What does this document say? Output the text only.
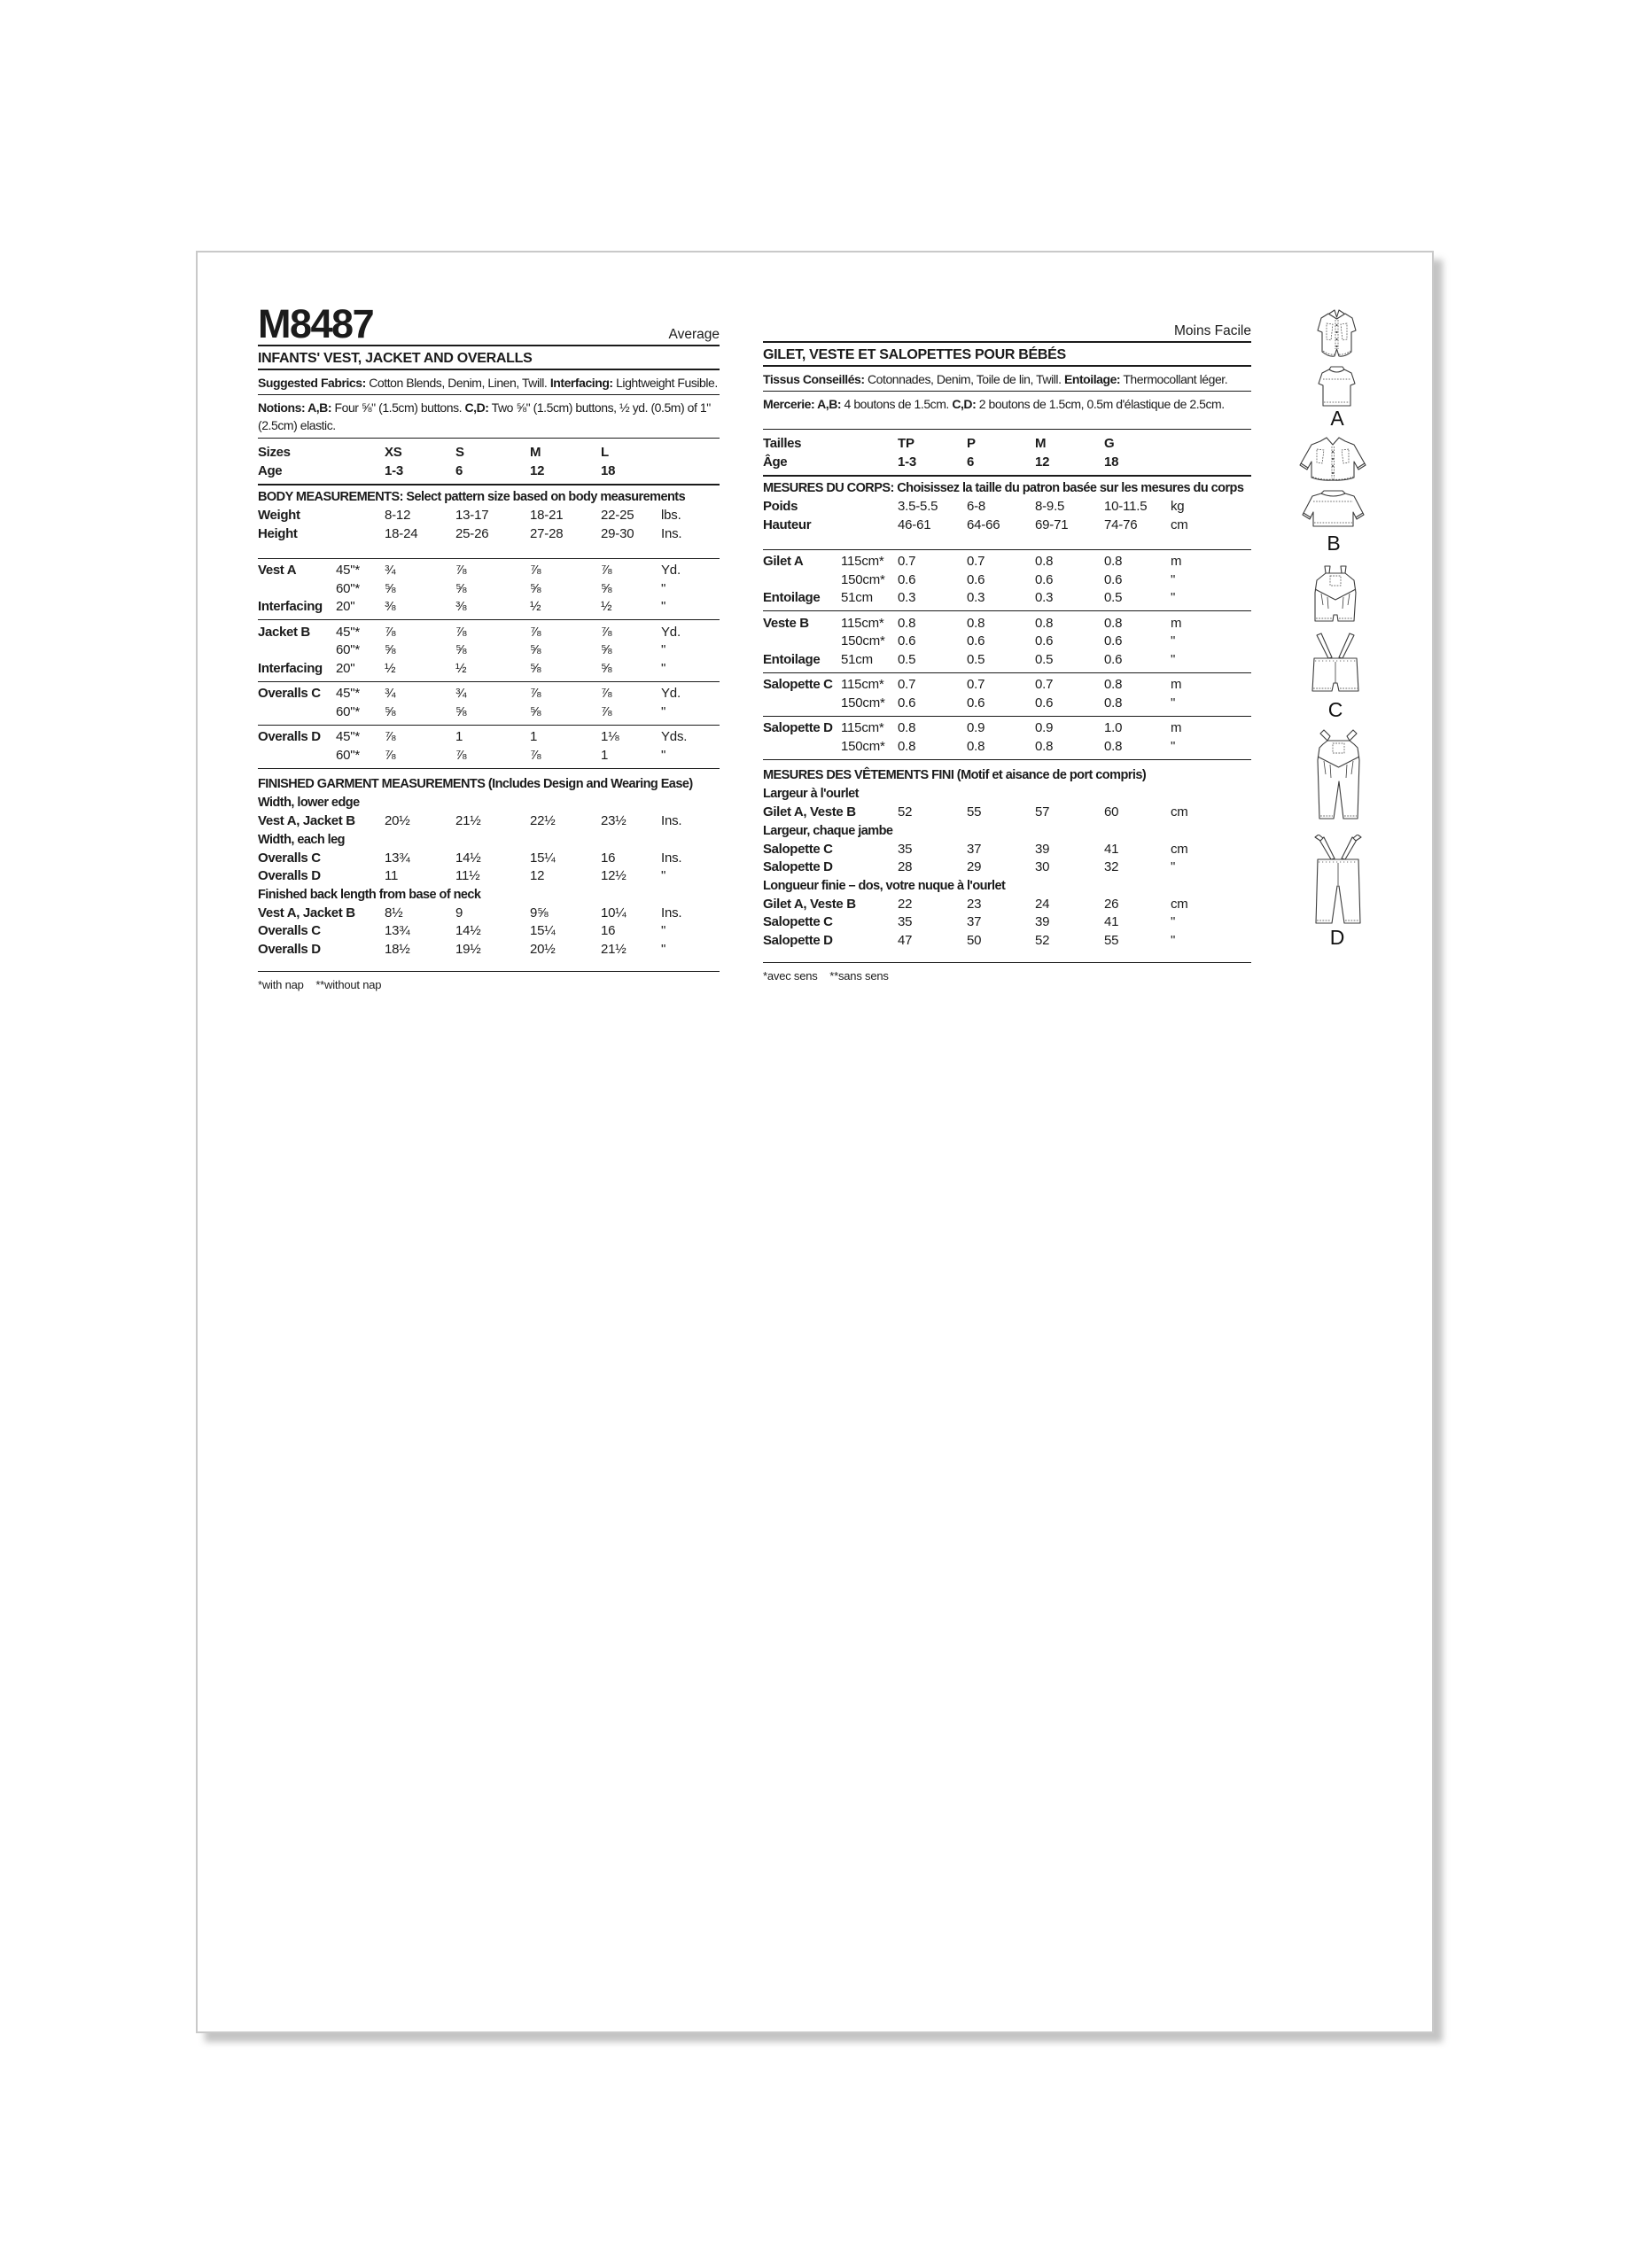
M8487	Average
INFANTS' VEST, JACKET AND OVERALLS
Suggested Fabrics: Cotton Blends, Denim, Linen, Twill. Interfacing: Lightweight Fusible.
Notions: A,B: Four ⅝" (1.5cm) buttons. C,D: Two ⅝" (1.5cm) buttons, ½ yd. (0.5m) of 1" (2.5cm) elastic.
Sizes	XS	S	M	L
Age	1-3	6	12	18
BODY MEASUREMENTS: Select pattern size based on body measurements
Weight	8-12	13-17	18-21	22-25	lbs.
Height	18-24	25-26	27-28	29-30	Ins.
Vest A	45"*	¾	⅞	⅞	⅞	Yd.
60"*	⅝	⅝	⅝	⅝	"
Interfacing	20"	⅜	⅜	½	½	"
Jacket B	45"*	⅞	⅞	⅞	⅞	Yd.
60"*	⅝	⅝	⅝	⅝	"
Interfacing	20"	½	½	⅝	⅝	"
Overalls C	45"*	¾	¾	⅞	⅞	Yd.
60"*	⅝	⅝	⅝	⅞	"
Overalls D	45"*	⅞	1	1	1⅛	Yds.
60"*	⅞	⅞	⅞	1	"
FINISHED GARMENT MEASUREMENTS (Includes Design and Wearing Ease)
Width, lower edge
Vest A, Jacket B 20½	21½	22½	23½	Ins.
Width, each leg
Overalls C	13¾	14½	15¼	16	Ins.
Overalls D	11	11½	12	12½	"
Finished back length from base of neck
Vest A, Jacket B 8½	9	9⅝	10¼	Ins.
Overalls C	13¾	14½	15¼	16	"
Overalls D	18½	19½	20½	21½	"
*with nap    **without nap
Moins Facile
GILET, VESTE ET SALOPETTES POUR BÉBÉS
Tissus Conseillés: Cotonnades, Denim, Toile de lin, Twill. Entoilage: Thermocollant léger.
Mercerie: A,B: 4 boutons de 1.5cm. C,D: 2 boutons de 1.5cm, 0.5m d'élastique de 2.5cm.
Tailles	TP	P	M	G
Âge	1-3	6	12	18
MESURES DU CORPS: Choisissez la taille du patron basée sur les mesures du corps
Poids	3.5-5.5	6-8	8-9.5	10-11.5	kg
Hauteur	46-61	64-66	69-71	74-76	cm
Gilet A	115cm*	0.7	0.7	0.8	0.8	m
150cm* 0.6	0.6	0.6	0.6	"
Entoilage	51cm	0.3	0.3	0.3	0.5	"
Veste B	115cm*	0.8	0.8	0.8	0.8	m
150cm* 0.6	0.6	0.6	0.6	"
Entoilage	51cm	0.5	0.5	0.5	0.6	"
Salopette C 115cm*	0.7	0.7	0.7	0.8	m
150cm* 0.6	0.6	0.6	0.8	"
Salopette D 115cm*	0.8	0.9	0.9	1.0	m
150cm* 0.8	0.8	0.8	0.8	"
MESURES DES VÊTEMENTS FINI (Motif et aisance de port compris)
Largeur à l'ourlet
Gilet A, Veste B	52	55	57	60	cm
Largeur, chaque jambe
Salopette C	35	37	39	41	cm
Salopette D	28	29	30	32	"
Longueur finie – dos, votre nuque à l'ourlet
Gilet A, Veste B	22	23	24	26	cm
Salopette C	35	37	39	41	"
Salopette D	47	50	52	55	"
*avec sens    **sans sens
A
B
C
D
